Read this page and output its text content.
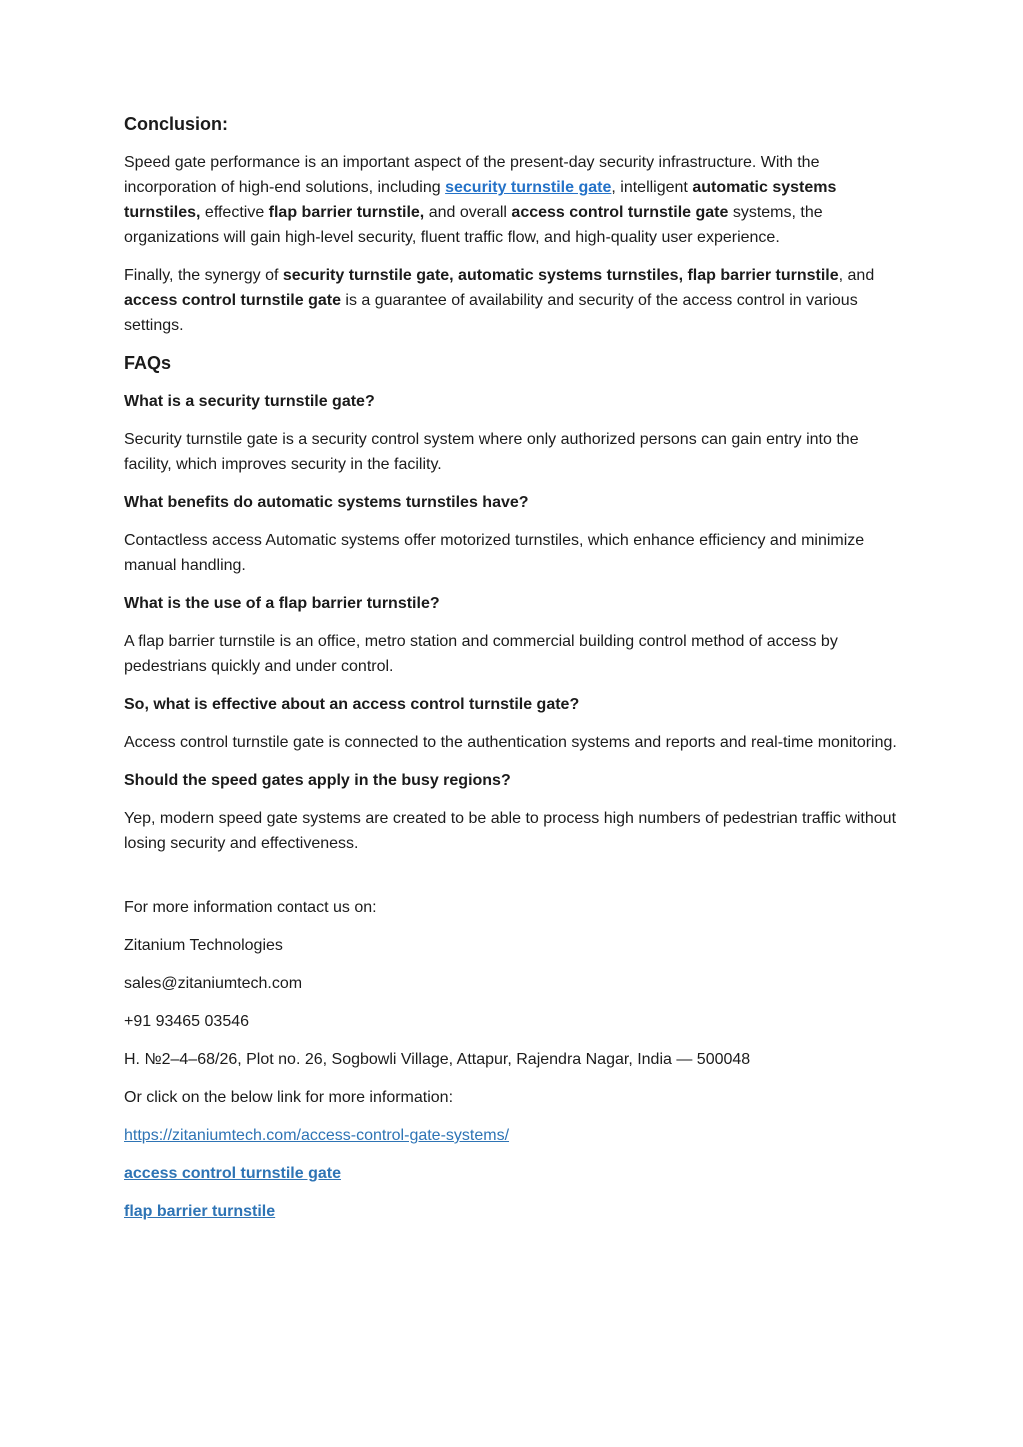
Conclusion:

Speed gate performance is an important aspect of the present-day security infrastructure. With the incorporation of high-end solutions, including security turnstile gate, intelligent automatic systems turnstiles, effective flap barrier turnstile, and overall access control turnstile gate systems, the organizations will gain high-level security, fluent traffic flow, and high-quality user experience.

Finally, the synergy of security turnstile gate, automatic systems turnstiles, flap barrier turnstile, and access control turnstile gate is a guarantee of availability and security of the access control in various settings.

FAQs
What is a security turnstile gate?

Security turnstile gate is a security control system where only authorized persons can gain entry into the facility, which improves security in the facility.

What benefits do automatic systems turnstiles have?

Contactless access Automatic systems offer motorized turnstiles, which enhance efficiency and minimize manual handling.

What is the use of a flap barrier turnstile?

A flap barrier turnstile is an office, metro station and commercial building control method of access by pedestrians quickly and under control.

So, what is effective about an access control turnstile gate?

Access control turnstile gate is connected to the authentication systems and reports and real-time monitoring.

Should the speed gates apply in the busy regions?

Yep, modern speed gate systems are created to be able to process high numbers of pedestrian traffic without losing security and effectiveness.

For more information contact us on:

Zitanium Technologies

sales@zitaniumtech.com

+91 93465 03546

H. №2–4–68/26, Plot no. 26, Sogbowli Village, Attapur, Rajendra Nagar, India — 500048

Or click on the below link for more information:

https://zitaniumtech.com/access-control-gate-systems/
access control turnstile gate
flap barrier turnstile
